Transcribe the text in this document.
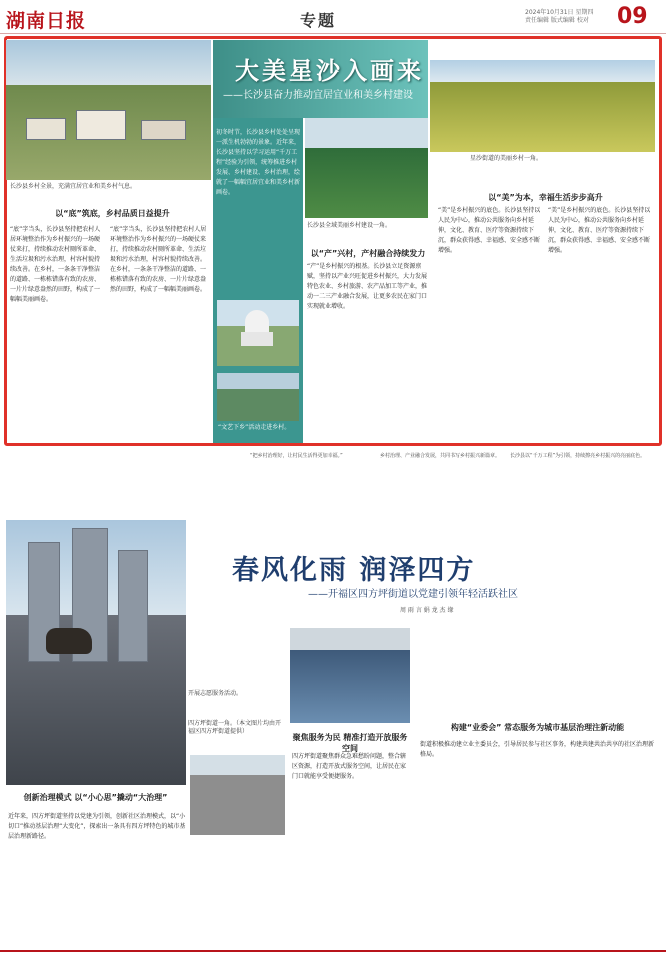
湖南日报	专题	2024年10月31日 星期四
责任编辑 版式编辑 校对 09
长沙县乡村全景，充满宜居宜业和美乡村气息。
大美星沙入画来
——长沙县奋力推动宜居宜业和美乡村建设
星沙街道的美丽乡村一角。
初冬时节，长沙县乡村处处呈现一派生机勃勃的景象。近年来，长沙县坚持以学习运用“千万工程”经验为引领，统筹推进乡村发展、乡村建设、乡村治理，绘就了一幅幅宜居宜业和美乡村新画卷。
“文艺下乡”活动走进乡村。
长沙县全域美丽乡村建设一角。
以“底”筑底，乡村品质日益提升
以“产”兴村，产村融合持续发力
以“美”为本，幸福生活步步高升
“底”字当头，长沙县坚持把农村人居环境整治作为乡村振兴的一场硬仗来打，持续推动农村厕所革命、生活垃圾和污水治理，村容村貌持续改善。在乡村，一条条干净整洁的道路、一栋栋错落有致的农房、一片片绿意盎然的田野，构成了一幅幅美丽画卷。
“底”字当头，长沙县坚持把农村人居环境整治作为乡村振兴的一场硬仗来打，持续推动农村厕所革命、生活垃圾和污水治理，村容村貌持续改善。在乡村，一条条干净整洁的道路、一栋栋错落有致的农房、一片片绿意盎然的田野，构成了一幅幅美丽画卷。
“产”是乡村振兴的根基。长沙县立足资源禀赋，坚持以产业兴旺促进乡村振兴，大力发展特色农业、乡村旅游、农产品加工等产业，推动一二三产业融合发展，让更多农民在家门口实现就业增收。
“美”是乡村振兴的底色。长沙县坚持以人民为中心，推动公共服务向乡村延伸，文化、教育、医疗等资源持续下沉，群众获得感、幸福感、安全感不断增强。
“美”是乡村振兴的底色。长沙县坚持以人民为中心，推动公共服务向乡村延伸，文化、教育、医疗等资源持续下沉，群众获得感、幸福感、安全感不断增强。
“把乡村治理好，让村民生活得更加幸福。”	乡村治理、产业融合发展，共同书写乡村振兴新篇章。 长沙县以“千万工程”为引领，持续擦亮乡村振兴的亮丽底色。
开展志愿服务活动。
四方坪街道一角。（本文图片均由开福区四方坪街道提供）
春风化雨 润泽四方
——开福区四方坪街道以党建引领年轻活跃社区
周 雨 言 娟 龙 杰 缘
创新治理模式 以“小心思”撬动“大治理”
聚焦服务为民 精准打造开放服务空间
构建“业委会” 常态服务为城市基层治理注新动能
近年来，四方坪街道坚持以党建为引领，创新社区治理模式，以“小切口”推动基层治理“大变化”，探索出一条具有四方坪特色的城市基层治理新路径。
四方坪街道聚焦群众急难愁盼问题，整合辖区资源，打造开放式服务空间，让居民在家门口就能享受便捷服务。
街道积极推动建立业主委员会，引导居民参与社区事务，构建共建共治共享的社区治理新格局。
